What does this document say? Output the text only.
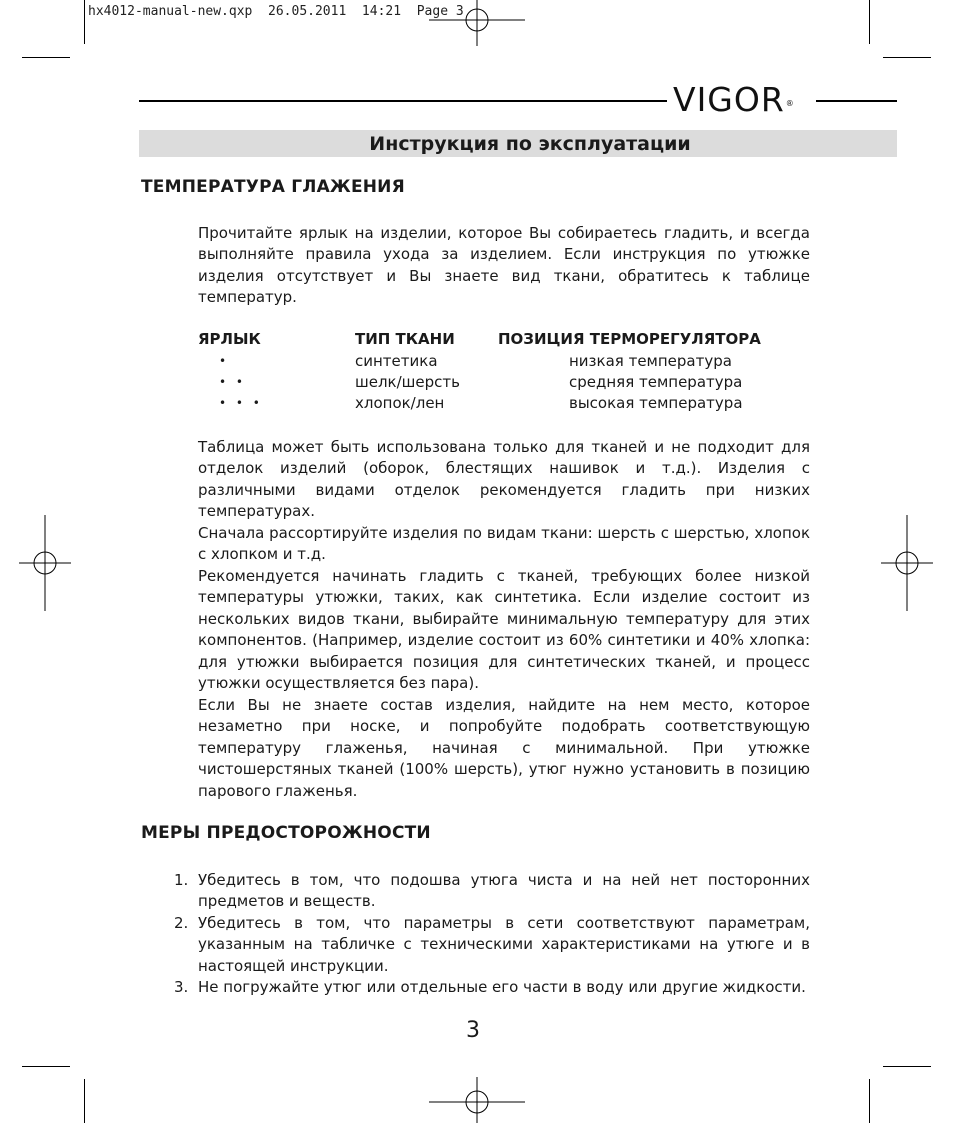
hx4012-manual-new.qxp  26.05.2011  14:21  Page 3
VIGOR®
Инструкция по эксплуатации
ТЕМПЕРАТУРА ГЛАЖЕНИЯ

Прочитайте ярлык на изделии, которое Вы собираетесь гладить, и всегда выполняйте правила ухода за изделием. Если инструкция по утюжке изделия отсутствует и Вы знаете вид ткани, обратитесь к таблице температур.

ЯРЛЫК	ТИП ТКАНИ	ПОЗИЦИЯ ТЕРМОРЕГУЛЯТОРА
•	синтетика	низкая температура
• •	шелк/шерсть	средняя температура
• • •	хлопок/лен	высокая температура

Таблица может быть использована только для тканей и не подходит для отделок изделий (оборок, блестящих нашивок и т.д.). Изделия с различными видами отделок рекомендуется гладить при низких температурах.

Сначала рассортируйте изделия по видам ткани: шерсть с шерстью, хлопок с хлопком и т.д.

Рекомендуется начинать гладить с тканей, требующих более низкой температуры утюжки, таких, как синтетика. Если изделие состоит из нескольких видов ткани, выбирайте минимальную температуру для этих компонентов. (Например, изделие состоит из 60% синтетики и 40% хлопка: для утюжки выбирается позиция для синтетических тканей, и процесс утюжки осуществляется без пара).

Если Вы не знаете состав изделия, найдите на нем место, которое незаметно при носке, и попробуйте подобрать соответствующую температуру глаженья, начиная с минимальной. При утюжке чистошерстяных тканей (100% шерсть), утюг нужно установить в позицию парового глаженья.

МЕРЫ ПРЕДОСТОРОЖНОСТИ
1. Убедитесь в том, что подошва утюга чиста и на ней нет посторонних предметов и веществ.
2. Убедитесь в том, что параметры в сети соответствуют параметрам, указанным на табличке с техническими характеристиками на утюге и в настоящей инструкции.
3. Не погружайте утюг или отдельные его части в воду или другие жидкости.
3
